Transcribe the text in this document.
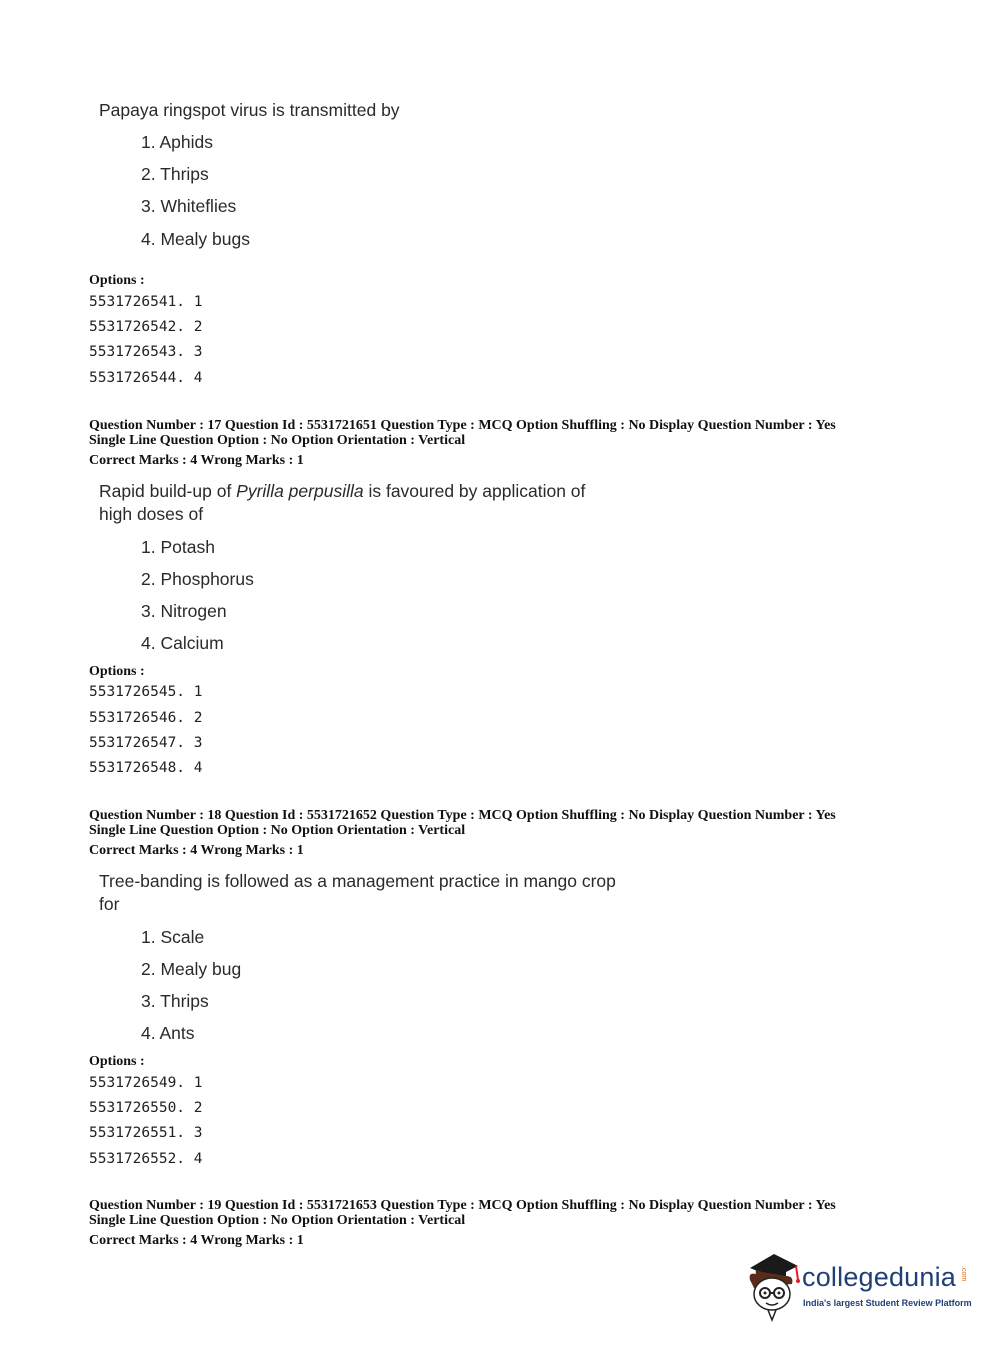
Papaya ringspot virus is transmitted by
1. Aphids
2. Thrips
3. Whiteflies
4. Mealy bugs
Options :
5531726541. 1
5531726542. 2
5531726543. 3
5531726544. 4
Question Number : 17 Question Id : 5531721651 Question Type : MCQ Option Shuffling : No Display Question Number : Yes
Single Line Question Option : No Option Orientation : Vertical
Correct Marks : 4 Wrong Marks : 1
Rapid build-up of Pyrilla perpusilla is favoured by application of high doses of
1. Potash
2. Phosphorus
3. Nitrogen
4. Calcium
Options :
5531726545. 1
5531726546. 2
5531726547. 3
5531726548. 4
Question Number : 18 Question Id : 5531721652 Question Type : MCQ Option Shuffling : No Display Question Number : Yes
Single Line Question Option : No Option Orientation : Vertical
Correct Marks : 4 Wrong Marks : 1
Tree-banding is followed as a management practice in mango crop for
1. Scale
2. Mealy bug
3. Thrips
4. Ants
Options :
5531726549. 1
5531726550. 2
5531726551. 3
5531726552. 4
Question Number : 19 Question Id : 5531721653 Question Type : MCQ Option Shuffling : No Display Question Number : Yes
Single Line Question Option : No Option Orientation : Vertical
Correct Marks : 4 Wrong Marks : 1
collegedunia .com
India's largest Student Review Platform
